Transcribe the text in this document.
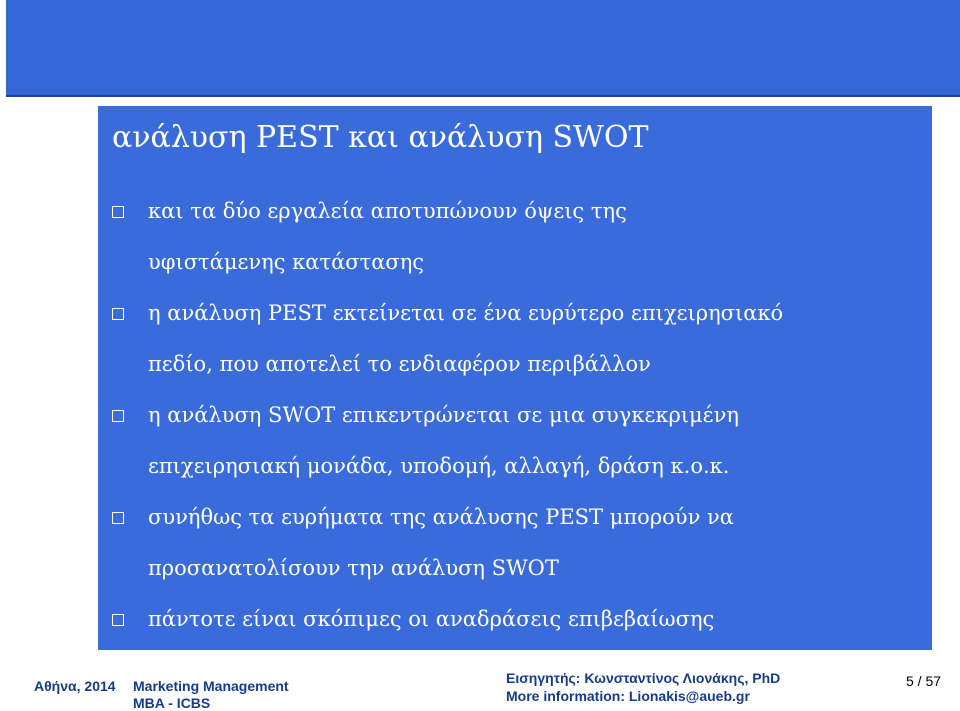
ανάλυση PEST και ανάλυση SWOT
και τα δύο εργαλεία αποτυπώνουν όψεις της
υφιστάμενης κατάστασης
η ανάλυση PEST εκτείνεται σε ένα ευρύτερο επιχειρησιακό
πεδίο, που αποτελεί το ενδιαφέρον περιβάλλον
η ανάλυση SWOT επικεντρώνεται σε μια συγκεκριμένη
επιχειρησιακή μονάδα, υποδομή, αλλαγή, δράση κ.ο.κ.
συνήθως τα ευρήματα της ανάλυσης PEST μπορούν να
προσανατολίσουν την ανάλυση SWOT
πάντοτε είναι σκόπιμες οι αναδράσεις επιβεβαίωσης
Αθήνα, 2014 Marketing Management
MBA - ICBS
Εισηγητής: Κωνσταντίνος Λιονάκης, PhD
More information: Lionakis@aueb.gr
5 / 57
